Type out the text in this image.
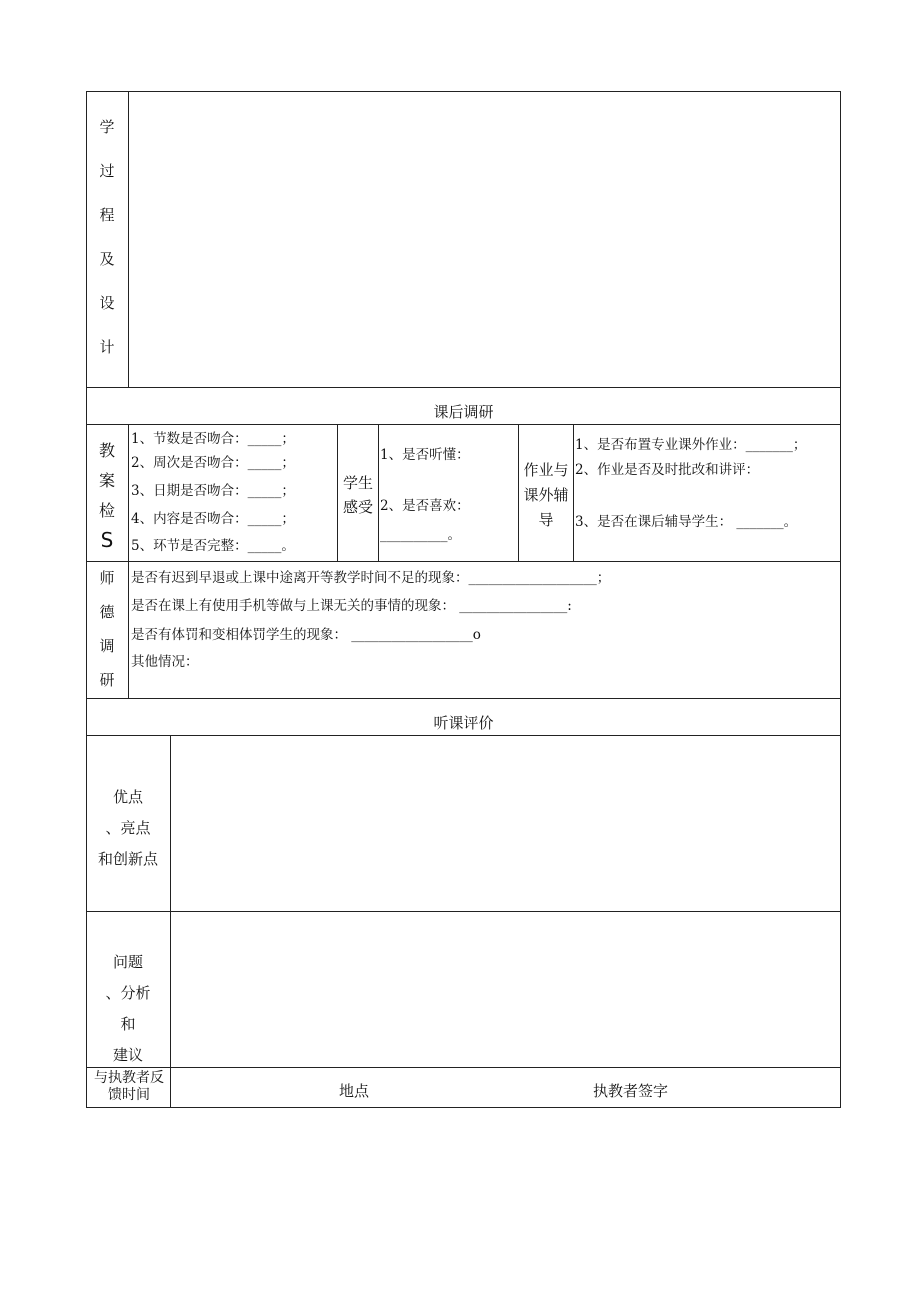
学
过
程
及
设
计
课后调研
教
案
检
S
1、节数是否吻合：_____；
2、周次是否吻合：_____；
3、日期是否吻合：_____；
4、内容是否吻合：_____；
5、环节是否完整：_____。
学生
感受
1、是否听懂：
2、是否喜欢：
__________。
作业与
课外辅
导
1、是否布置专业课外作业：_______；
2、作业是否及时批改和讲评：
3、是否在课后辅导学生： _______。
师
德
调
研
是否有迟到早退或上课中途离开等教学时间不足的现象：___________________；
是否在课上有使用手机等做与上课无关的事情的现象： ________________:
是否有体罚和变相体罚学生的现象： __________________o
其他情况：
听课评价
优点
、亮点
和创新点
问题
、分析
和
建议
与执教者反
馈时间	地点	执教者签字
